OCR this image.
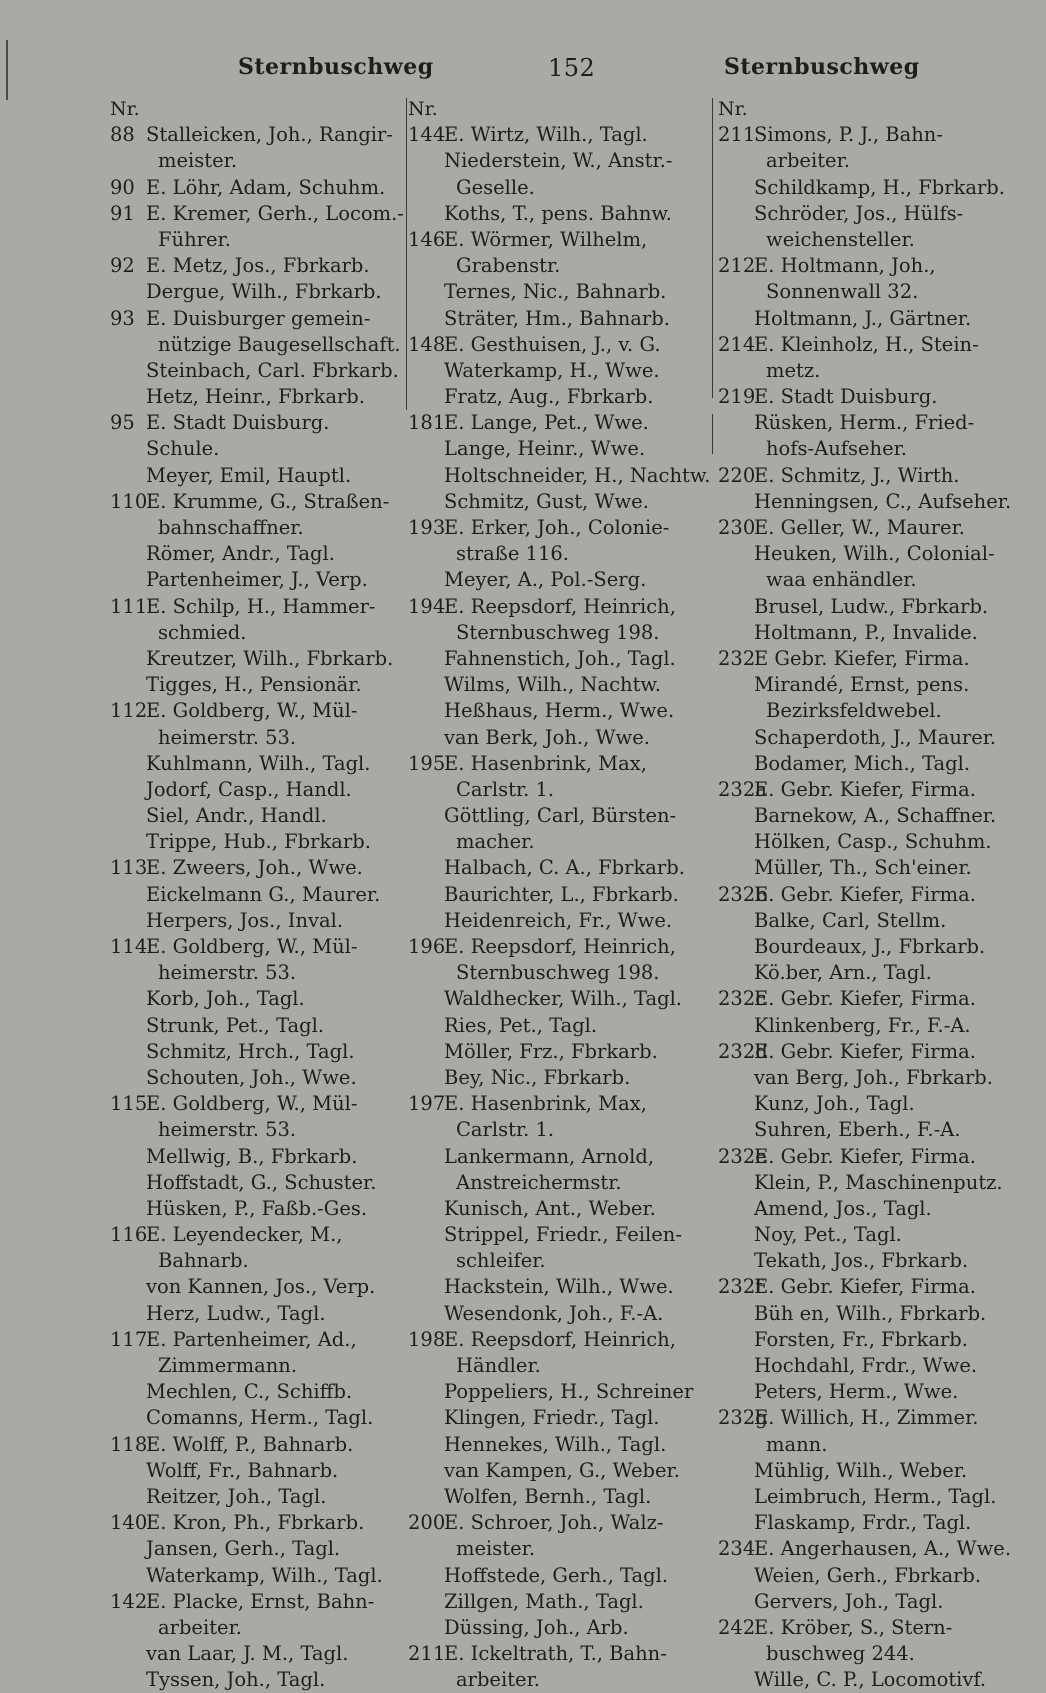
Sternbuschweg	152	Sternbuschweg
Nr.
88 Stalleicken, Joh., Rangir-
meister.
90 E. Löhr, Adam, Schuhm.
91 E. Kremer, Gerh., Locom.-
Führer.
92 E. Metz, Jos., Fbrkarb.
Dergue, Wilh., Fbrkarb.
93 E. Duisburger gemein-
nützige Baugesellschaft.
Steinbach, Carl. Fbrkarb.
Hetz, Heinr., Fbrkarb.
95 E. Stadt Duisburg.
Schule.
Meyer, Emil, Hauptl.
110E. Krumme, G., Straßen-
bahnschaffner.
Römer, Andr., Tagl.
Partenheimer, J., Verp.
111E. Schilp, H., Hammer-
schmied.
Kreutzer, Wilh., Fbrkarb.
Tigges, H., Pensionär.
112E. Goldberg, W., Mül-
heimerstr. 53.
Kuhlmann, Wilh., Tagl.
Jodorf, Casp., Handl.
Siel, Andr., Handl.
Trippe, Hub., Fbrkarb.
113E. Zweers, Joh., Wwe.
Eickelmann G., Maurer.
Herpers, Jos., Inval.
114E. Goldberg, W., Mül-
heimerstr. 53.
Korb, Joh., Tagl.
Strunk, Pet., Tagl.
Schmitz, Hrch., Tagl.
Schouten, Joh., Wwe.
115E. Goldberg, W., Mül-
heimerstr. 53.
Mellwig, B., Fbrkarb.
Hoffstadt, G., Schuster.
Hüsken, P., Faßb.-Ges.
116E. Leyendecker, M.,
Bahnarb.
von Kannen, Jos., Verp.
Herz, Ludw., Tagl.
117E. Partenheimer, Ad.,
Zimmermann.
Mechlen, C., Schiffb.
Comanns, Herm., Tagl.
118E. Wolff, P., Bahnarb.
Wolff, Fr., Bahnarb.
Reitzer, Joh., Tagl.
140E. Kron, Ph., Fbrkarb.
Jansen, Gerh., Tagl.
Waterkamp, Wilh., Tagl.
142E. Placke, Ernst, Bahn-
arbeiter.
van Laar, J. M., Tagl.
Tyssen, Joh., Tagl.
Nr.
144E. Wirtz, Wilh., Tagl.
Niederstein, W., Anstr.-
Geselle.
Koths, T., pens. Bahnw.
146E. Wörmer, Wilhelm,
Grabenstr.
Ternes, Nic., Bahnarb.
Sträter, Hm., Bahnarb.
148E. Gesthuisen, J., v. G.
Waterkamp, H., Wwe.
Fratz, Aug., Fbrkarb.
181E. Lange, Pet., Wwe.
Lange, Heinr., Wwe.
Holtschneider, H., Nachtw.
Schmitz, Gust, Wwe.
193E. Erker, Joh., Colonie-
straße 116.
Meyer, A., Pol.-Serg.
194E. Reepsdorf, Heinrich,
Sternbuschweg 198.
Fahnenstich, Joh., Tagl.
Wilms, Wilh., Nachtw.
Heßhaus, Herm., Wwe.
van Berk, Joh., Wwe.
195E. Hasenbrink, Max,
Carlstr. 1.
Göttling, Carl, Bürsten-
macher.
Halbach, C. A., Fbrkarb.
Baurichter, L., Fbrkarb.
Heidenreich, Fr., Wwe.
196E. Reepsdorf, Heinrich,
Sternbuschweg 198.
Waldhecker, Wilh., Tagl.
Ries, Pet., Tagl.
Möller, Frz., Fbrkarb.
Bey, Nic., Fbrkarb.
197E. Hasenbrink, Max,
Carlstr. 1.
Lankermann, Arnold,
Anstreichermstr.
Kunisch, Ant., Weber.
Strippel, Friedr., Feilen-
schleifer.
Hackstein, Wilh., Wwe.
Wesendonk, Joh., F.-A.
198E. Reepsdorf, Heinrich,
Händler.
Poppeliers, H., Schreiner
Klingen, Friedr., Tagl.
Hennekes, Wilh., Tagl.
van Kampen, G., Weber.
Wolfen, Bernh., Tagl.
200E. Schroer, Joh., Walz-
meister.
Hoffstede, Gerh., Tagl.
Zillgen, Math., Tagl.
Düssing, Joh., Arb.
211E. Ickeltrath, T., Bahn-
arbeiter.
Nr.
211Simons, P. J., Bahn-
arbeiter.
Schildkamp, H., Fbrkarb.
Schröder, Jos., Hülfs-
weichensteller.
212E. Holtmann, Joh.,
Sonnenwall 32.
Holtmann, J., Gärtner.
214E. Kleinholz, H., Stein-
metz.
219E. Stadt Duisburg.
Rüsken, Herm., Fried-
hofs-Aufseher.
220E. Schmitz, J., Wirth.
Henningsen, C., Aufseher.
230E. Geller, W., Maurer.
Heuken, Wilh., Colonial-
waa enhändler.
Brusel, Ludw., Fbrkarb.
Holtmann, P., Invalide.
232E Gebr. Kiefer, Firma.
Mirandé, Ernst, pens.
Bezirksfeldwebel.
Schaperdoth, J., Maurer.
Bodamer, Mich., Tagl.
232aE. Gebr. Kiefer, Firma.
Barnekow, A., Schaffner.
Hölken, Casp., Schuhm.
Müller, Th., Sch'einer.
232bE. Gebr. Kiefer, Firma.
Balke, Carl, Stellm.
Bourdeaux, J., Fbrkarb.
Kö.ber, Arn., Tagl.
232cE. Gebr. Kiefer, Firma.
Klinkenberg, Fr., F.-A.
232dE. Gebr. Kiefer, Firma.
van Berg, Joh., Fbrkarb.
Kunz, Joh., Tagl.
Suhren, Eberh., F.-A.
232eE. Gebr. Kiefer, Firma.
Klein, P., Maschinenputz.
Amend, Jos., Tagl.
Noy, Pet., Tagl.
Tekath, Jos., Fbrkarb.
232fE. Gebr. Kiefer, Firma.
Büh en, Wilh., Fbrkarb.
Forsten, Fr., Fbrkarb.
Hochdahl, Frdr., Wwe.
Peters, Herm., Wwe.
232gE. Willich, H., Zimmer.
mann.
Mühlig, Wilh., Weber.
Leimbruch, Herm., Tagl.
Flaskamp, Frdr., Tagl.
234E. Angerhausen, A., Wwe.
Weien, Gerh., Fbrkarb.
Gervers, Joh., Tagl.
242E. Kröber, S., Stern-
buschweg 244.
Wille, C. P., Locomotivf.
